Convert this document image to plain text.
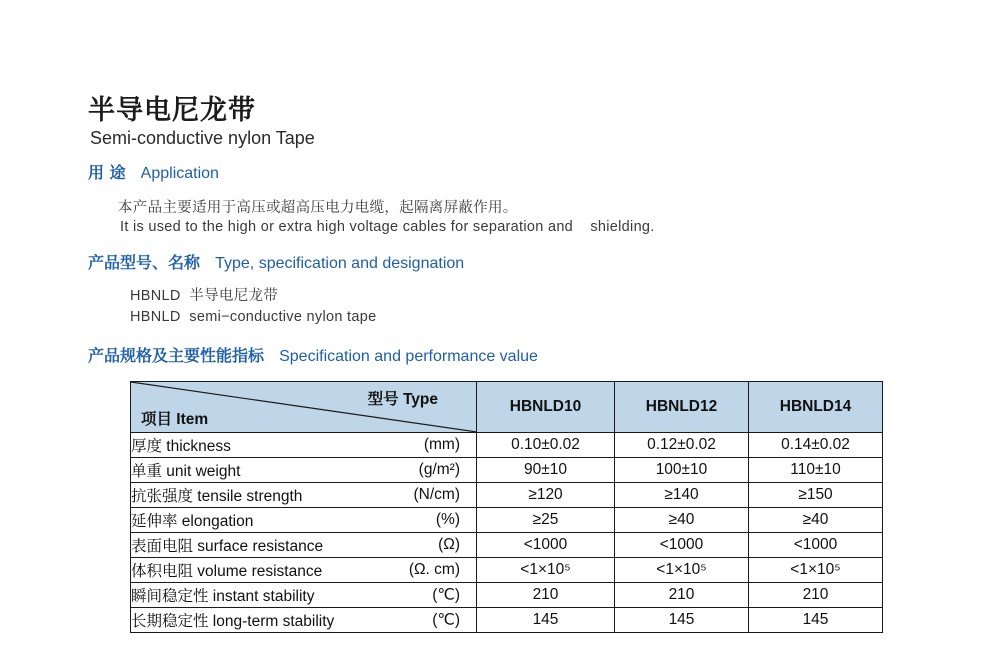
半导电尼龙带
Semi-conductive nylon Tape
用 途 Application
本产品主要适用于高压或超高压电力电缆，起隔离屏蔽作用。
It is used to the high or extra high voltage cables for separation and    shielding.
产品型号、名称 Type, specification and designation
HBNLD  半导电尼龙带
HBNLD  semi−conductive nylon tape
产品规格及主要性能指标 Specification and performance value
型号 Type
项目 Item	HBNLD10	HBNLD12	HBNLD14
厚度 thickness (mm)	0.10±0.02	0.12±0.02	0.14±0.02
单重 unit weight (g/m²)	90±10	100±10	110±10
抗张强度 tensile strength (N/cm)	≥120	≥140	≥150
延伸率 elongation (%)	≥25	≥40	≥40
表面电阻 surface resistance (Ω)	<1000	<1000	<1000
体积电阻 volume resistance (Ω. cm)	<1×10⁵	<1×10⁵	<1×10⁵
瞬间稳定性 instant stability (℃)	210	210	210
长期稳定性 long-term stability (℃)	145	145	145
